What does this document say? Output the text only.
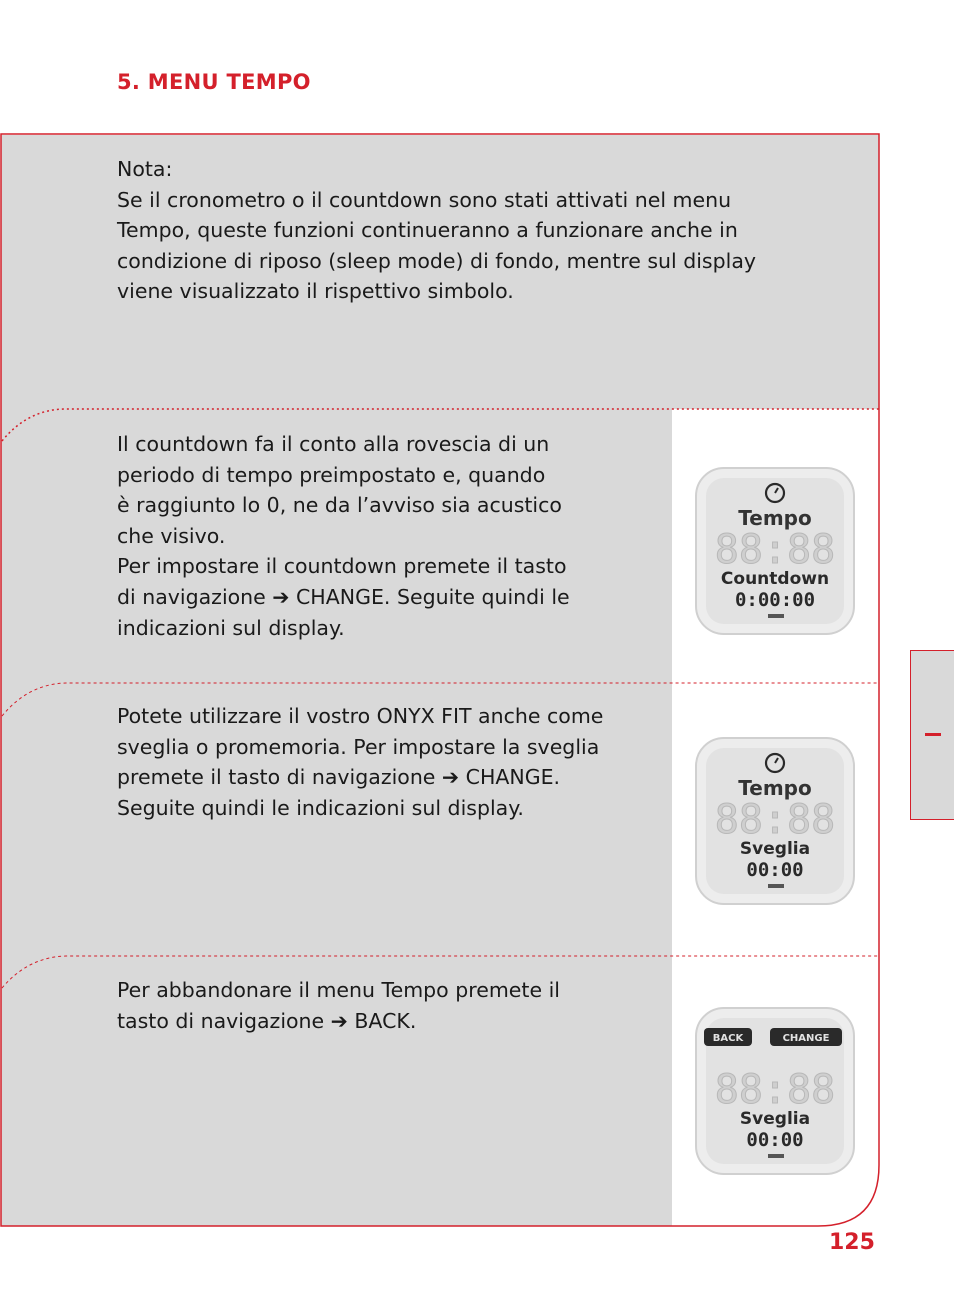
5. MENU TEMPO
Nota:
Se il cronometro o il countdown sono stati attivati nel menu
Tempo, queste funzioni continueranno a funzionare anche in
condizione di riposo (sleep mode) di fondo, mentre sul display
viene visualizzato il rispettivo simbolo.
Il countdown fa il conto alla rovescia di un
periodo di tempo preimpostato e, quando
è raggiunto lo 0, ne da l’avviso sia acustico
che visivo.
Per impostare il countdown premete il tasto
di navigazione ➔ CHANGE. Seguite quindi le
indicazioni sul display.
Potete utilizzare il vostro ONYX FIT anche come
sveglia o promemoria. Per impostare la sveglia
premete il tasto di navigazione ➔ CHANGE.
Seguite quindi le indicazioni sul display.
Per abbandonare il menu Tempo premete il
tasto di navigazione ➔ BACK.
Tempo
88:88
Countdown
0:00:00
Tempo
88:88
Sveglia
00:00
BACK	CHANGE
88:88
Sveglia
00:00
125
